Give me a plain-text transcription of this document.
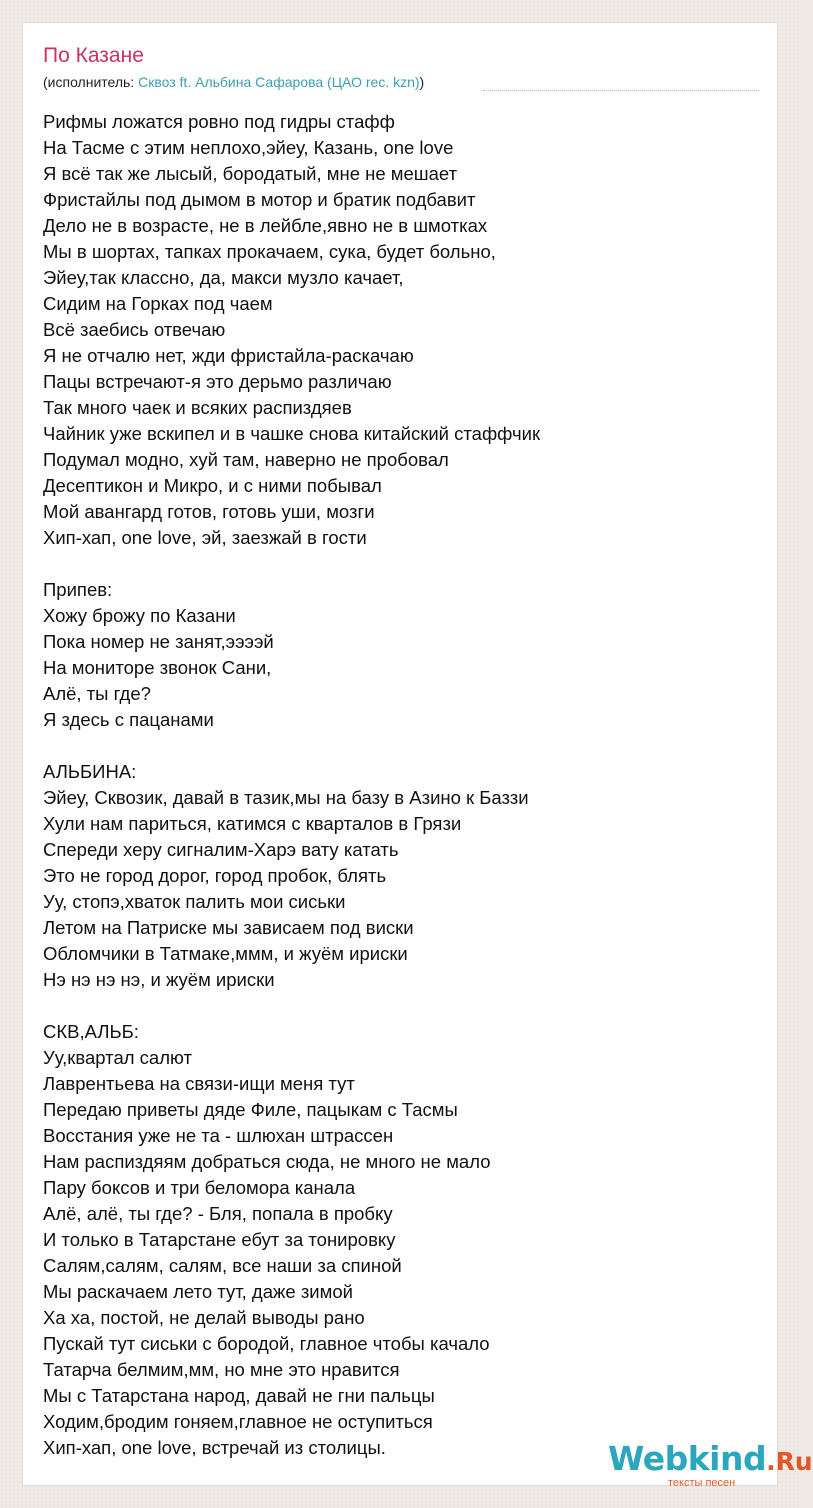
По Казане
(исполнитель: Сквоз ft. Альбина Сафарова (ЦАО rec. kzn))
Рифмы ложатся ровно под гидры стафф
На Тасме с этим неплохо,эйеу, Казань, one love
Я всё так же лысый, бородатый, мне не мешает
Фристайлы под дымом в мотор и братик подбавит
Дело не в возрасте, не в лейбле,явно не в шмотках
Мы в шортах, тапках прокачаем, сука, будет больно,
Эйеу,так классно, да, макси музло качает,
Сидим на Горках под чаем
Всё заебись отвечаю
Я не отчалю нет, жди фристайла-раскачаю
Пацы встречают-я это дерьмо различаю
Так много чаек и всяких распиздяев
Чайник уже вскипел и в чашке снова китайский стаффчик
Подумал модно, хуй там, наверно не пробовал
Десептикон и Микро, и с ними побывал
Мой авангард готов, готовь уши, мозги
Хип-хап, one love, эй, заезжай в гости
Припев:
Хожу брожу по Казани
Пока номер не занят,ээээй
На мониторе звонок Сани,
Алё, ты где?
Я здесь с пацанами
АЛЬБИНА:
Эйеу, Сквозик, давай в тазик,мы на базу в Азино к Баззи
Хули нам париться, катимся с кварталов в Грязи
Спереди херу сигналим-Харэ вату катать
Это не город дорог, город пробок, блять
Уу, стопэ,хваток палить мои сиськи
Летом на Патриске мы зависаем под виски
Обломчики в Татмаке,ммм, и жуём ириски
Нэ нэ нэ нэ, и жуём ириски
СКВ,АЛЬБ:
Уу,квартал салют
Лаврентьева на связи-ищи меня тут
Передаю приветы дяде Филе, пацыкам с Тасмы
Восстания уже не та - шлюхан штрассен
Нам распиздяям добраться сюда, не много не мало
Пару боксов и три беломора канала
Алё, алё, ты где? - Бля, попала в пробку
И только в Татарстане ебут за тонировку
Салям,салям, салям, все наши за спиной
Мы раскачаем лето тут, даже зимой
Ха ха, постой, не делай выводы рано
Пускай тут сиськи с бородой, главное чтобы качало
Татарча белмим,мм, но мне это нравится
Мы с Татарстана народ, давай не гни пальцы
Ходим,бродим гоняем,главное не оступиться
Хип-хап, one love, встречай из столицы.	Webkind.Ru
тексты песен
